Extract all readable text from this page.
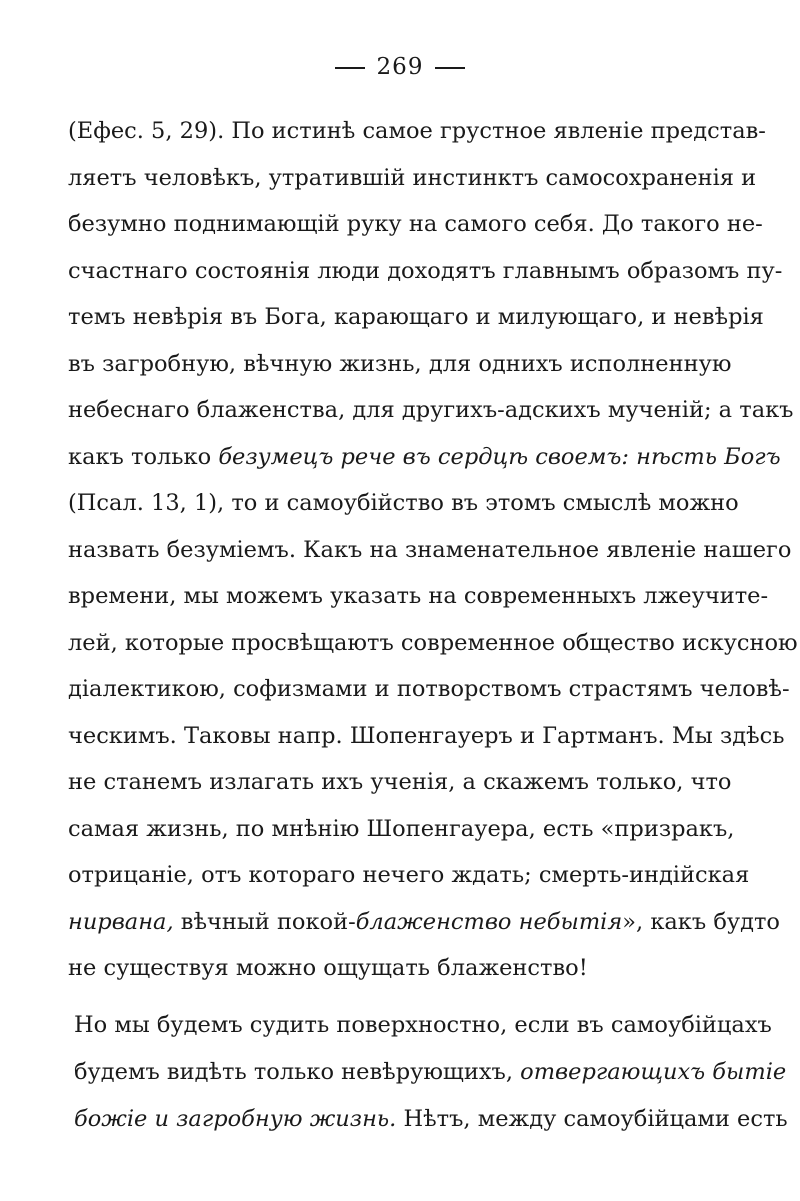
269
(Ефес. 5, 29). По истинѣ самое грустное явленіе представ-
ляетъ человѣкъ, утратившій инстинктъ самосохраненія и
безумно поднимающій руку на самого себя. До такого не-
счастнаго состоянія люди доходятъ главнымъ образомъ пу-
темъ невѣрія въ Бога, карающаго и милующаго, и невѣрія
въ загробную, вѣчную жизнь, для однихъ исполненную
небеснаго блаженства, для другихъ-адскихъ мученій; а такъ
какъ только безумецъ рече въ сердцѣ своемъ: нѣсть Богъ
(Псал. 13, 1), то и самоубійство въ этомъ смыслѣ можно
назвать безуміемъ. Какъ на знаменательное явленіе нашего
времени, мы можемъ указать на современныхъ лжеучите-
лей, которые просвѣщаютъ современное общество искусною
діалектикою, софизмами и потворствомъ страстямъ человѣ-
ческимъ. Таковы напр. Шопенгауеръ и Гартманъ. Мы здѣсь
не станемъ излагать ихъ ученія, а скажемъ только, что
самая жизнь, по мнѣнію Шопенгауера, есть «призракъ,
отрицаніе, отъ котораго нечего ждать; смерть-индійская
нирвана, вѣчный покой-блаженство небытія», какъ будто
не существуя можно ощущать блаженство!
Но мы будемъ судить поверхностно, если въ самоубійцахъ
будемъ видѣть только невѣрующихъ, отвергающихъ бытіе
божіе и загробную жизнь. Нѣтъ, между самоубійцами есть
